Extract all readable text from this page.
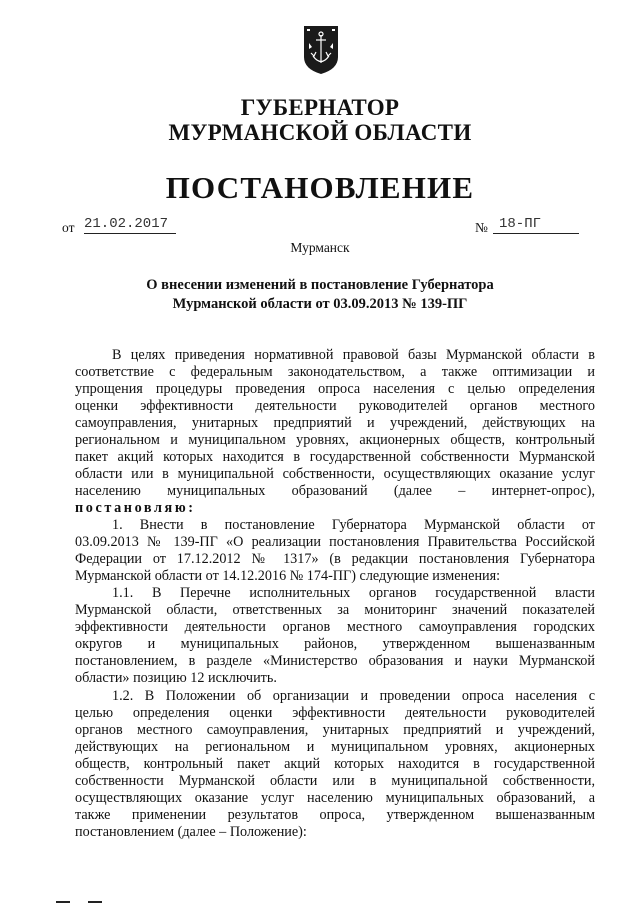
ГУБЕРНАТОР
МУРМАНСКОЙ ОБЛАСТИ
ПОСТАНОВЛЕНИЕ
от 21.02.2017	№ 18-ПГ
Мурманск
О внесении изменений в постановление Губернатора
Мурманской области от 03.09.2013 № 139-ПГ
В целях приведения нормативной правовой базы Мурманской области в
соответствие с федеральным законодательством, а также оптимизации и
упрощения процедуры проведения опроса населения с целью определения
оценки эффективности деятельности руководителей органов местного
самоуправления, унитарных предприятий и учреждений, действующих на
региональном и муниципальном уровнях, акционерных обществ, контрольный
пакет акций которых находится в государственной собственности Мурманской
области или в муниципальной собственности, осуществляющих оказание услуг
населению муниципальных образований (далее – интернет-опрос),
постановляю:
1. Внести в постановление Губернатора Мурманской области от
03.09.2013 № 139-ПГ «О реализации постановления Правительства Российской
Федерации от 17.12.2012 № 1317» (в редакции постановления Губернатора
Мурманской области от 14.12.2016 № 174-ПГ) следующие изменения:
1.1. В Перечне исполнительных органов государственной власти
Мурманской области, ответственных за мониторинг значений показателей
эффективности деятельности органов местного самоуправления городских
округов и муниципальных районов, утвержденном вышеназванным
постановлением, в разделе «Министерство образования и науки Мурманской
области» позицию 12 исключить.
1.2. В Положении об организации и проведении опроса населения с
целью определения оценки эффективности деятельности руководителей
органов местного самоуправления, унитарных предприятий и учреждений,
действующих на региональном и муниципальном уровнях, акционерных
обществ, контрольный пакет акций которых находится в государственной
собственности Мурманской области или в муниципальной собственности,
осуществляющих оказание услуг населению муниципальных образований, а
также применении результатов опроса, утвержденном вышеназванным
постановлением (далее – Положение):
